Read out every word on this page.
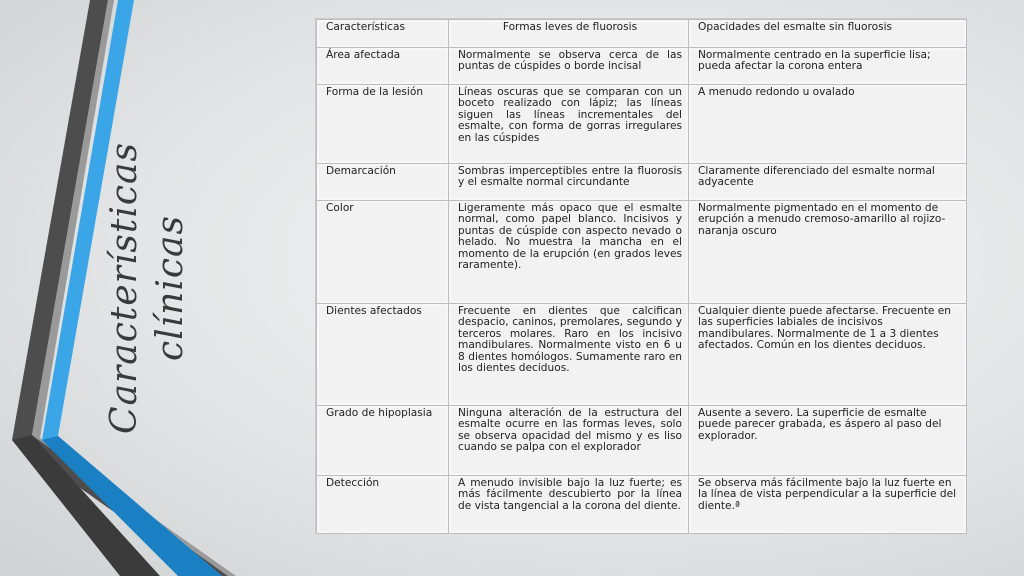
Características clínicas
Características	Formas leves de fluorosis	Opacidades del esmalte sin fluorosis
Área afectada	Normalmente se observa cerca de las puntas de cúspides o borde incisal	Normalmente centrado en la superficie lisa; pueda afectar la corona entera
Forma de la lesión	Líneas oscuras que se comparan con un boceto realizado con lápiz; las líneas siguen las líneas incrementales del esmalte, con forma de gorras irregulares en las cúspides	A menudo redondo u ovalado
Demarcación	Sombras imperceptibles entre la fluorosis y el esmalte normal circundante	Claramente diferenciado del esmalte normal adyacente
Color	Ligeramente más opaco que el esmalte normal, como papel blanco. Incisivos y puntas de cúspide con aspecto nevado o helado. No muestra la mancha en el momento de la erupción (en grados leves raramente).	Normalmente pigmentado en el momento de erupción a menudo cremoso-amarillo al rojizo-naranja oscuro
Dientes afectados	Frecuente en dientes que calcifican despacio, caninos, premolares, segundo y terceros molares. Raro en los incisivo mandibulares. Normalmente visto en 6 u 8 dientes homólogos. Sumamente raro en los dientes deciduos.	Cualquier diente puede afectarse. Frecuente en las superficies labiales de incisivos mandibulares. Normalmente de 1 a 3 dientes afectados. Común en los dientes deciduos.
Grado de hipoplasia	Ninguna alteración de la estructura del esmalte ocurre en las formas leves, solo se observa opacidad del mismo y es liso cuando se palpa con el explorador	Ausente a severo. La superficie de esmalte puede parecer grabada, es áspero al paso del explorador.
Detección	A menudo invisible bajo la luz fuerte; es más fácilmente descubierto por la línea de vista tangencial a la corona del diente.	Se observa más fácilmente bajo la luz fuerte en la línea de vista perpendicular a la superficie del diente.ª
